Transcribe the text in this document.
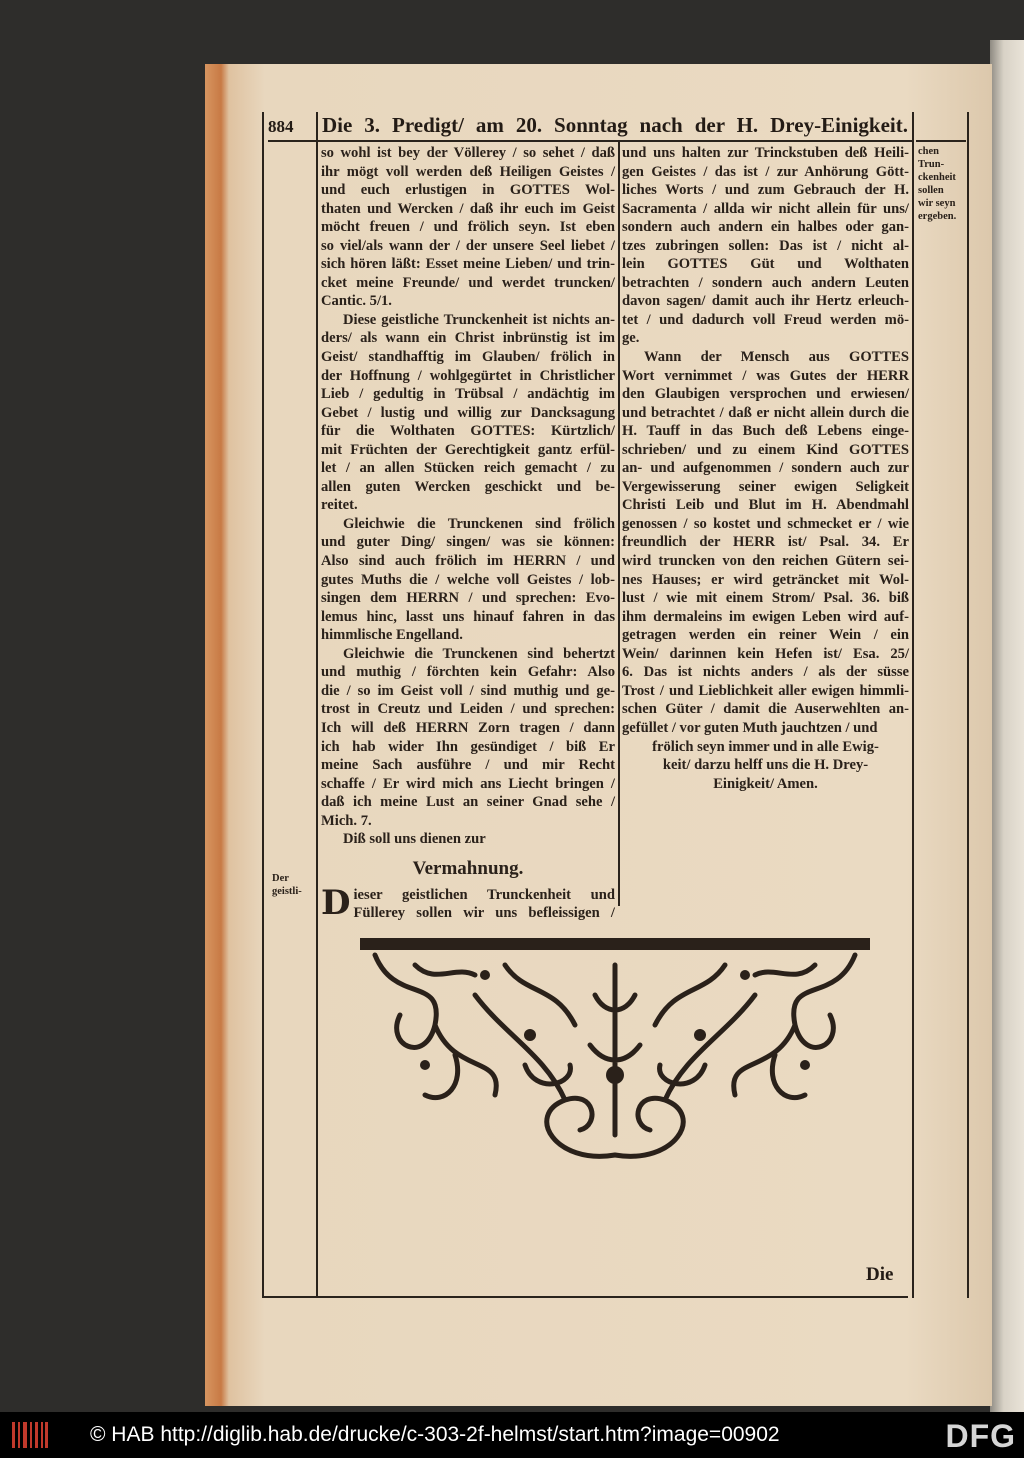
884 Die 3. Predigt/ am 20. Sonntag nach der H. Drey-Einigkeit.
so wohl ist bey der Völlerey / so sehet / daß
ihr mögt voll werden deß Heiligen Geistes /
und euch erlustigen in GOTTES Wol-
thaten und Wercken / daß ihr euch im Geist
möcht freuen / und frölich seyn. Ist eben
so viel/als wann der / der unsere Seel liebet /
sich hören läßt: Esset meine Lieben/ und trin-
cket meine Freunde/ und werdet truncken/
Cantic. 5/1.
Diese geistliche Trunckenheit ist nichts an-
ders/ als wann ein Christ inbrünstig ist im
Geist/ standhafftig im Glauben/ frölich in
der Hoffnung / wohlgegürtet in Christlicher
Lieb / gedultig in Trübsal / andächtig im
Gebet / lustig und willig zur Dancksagung
für die Wolthaten GOTTES: Kürtzlich/
mit Früchten der Gerechtigkeit gantz erfül-
let / an allen Stücken reich gemacht / zu
allen guten Wercken geschickt und be-
reitet.
Gleichwie die Trunckenen sind frölich
und guter Ding/ singen/ was sie können:
Also sind auch frölich im HERRN / und
gutes Muths die / welche voll Geistes / lob-
singen dem HERRN / und sprechen: Evo-
lemus hinc, lasst uns hinauf fahren in das
himmlische Engelland.
Gleichwie die Trunckenen sind behertzt
und muthig / förchten kein Gefahr: Also
die / so im Geist voll / sind muthig und ge-
trost in Creutz und Leiden / und sprechen:
Ich will deß HERRN Zorn tragen / dann
ich hab wider Ihn gesündiget / biß Er
meine Sach ausführe / und mir Recht
schaffe / Er wird mich ans Liecht bringen /
daß ich meine Lust an seiner Gnad sehe /
Mich. 7.
Diß soll uns dienen zur
Vermahnung.
D ieser geistlichen Trunckenheit und
Füllerey sollen wir uns befleissigen /
und uns halten zur Trinckstuben deß Heili-
gen Geistes / das ist / zur Anhörung Gött-
liches Worts / und zum Gebrauch der H.
Sacramenta / allda wir nicht allein für uns/
sondern auch andern ein halbes oder gan-
tzes zubringen sollen: Das ist / nicht al-
lein GOTTES Güt und Wolthaten
betrachten / sondern auch andern Leuten
davon sagen/ damit auch ihr Hertz erleuch-
tet / und dadurch voll Freud werden mö-
ge.
Wann der Mensch aus GOTTES
Wort vernimmet / was Gutes der HERR
den Glaubigen versprochen und erwiesen/
und betrachtet / daß er nicht allein durch die
H. Tauff in das Buch deß Lebens einge-
schrieben/ und zu einem Kind GOTTES
an- und aufgenommen / sondern auch zur
Vergewisserung seiner ewigen Seligkeit
Christi Leib und Blut im H. Abendmahl
genossen / so kostet und schmecket er / wie
freundlich der HERR ist/ Psal. 34. Er
wird truncken von den reichen Gütern sei-
nes Hauses; er wird geträncket mit Wol-
lust / wie mit einem Strom/ Psal. 36. biß
ihm dermaleins im ewigen Leben wird auf-
getragen werden ein reiner Wein / ein
Wein/ darinnen kein Hefen ist/ Esa. 25/
6. Das ist nichts anders / als der süsse
Trost / und Lieblichkeit aller ewigen himmli-
schen Güter / damit die Auserwehlten an-
gefüllet / vor guten Muth jauchtzen / und
frölich seyn immer und in alle Ewig-
keit/ darzu helff uns die H. Drey-
Einigkeit/ Amen.
chen
Trun-
ckenheit
sollen
wir seyn
ergeben.
Der
geistli-
Die
© HAB http://diglib.hab.de/drucke/c-303-2f-helmst/start.htm?image=00902	DFG
